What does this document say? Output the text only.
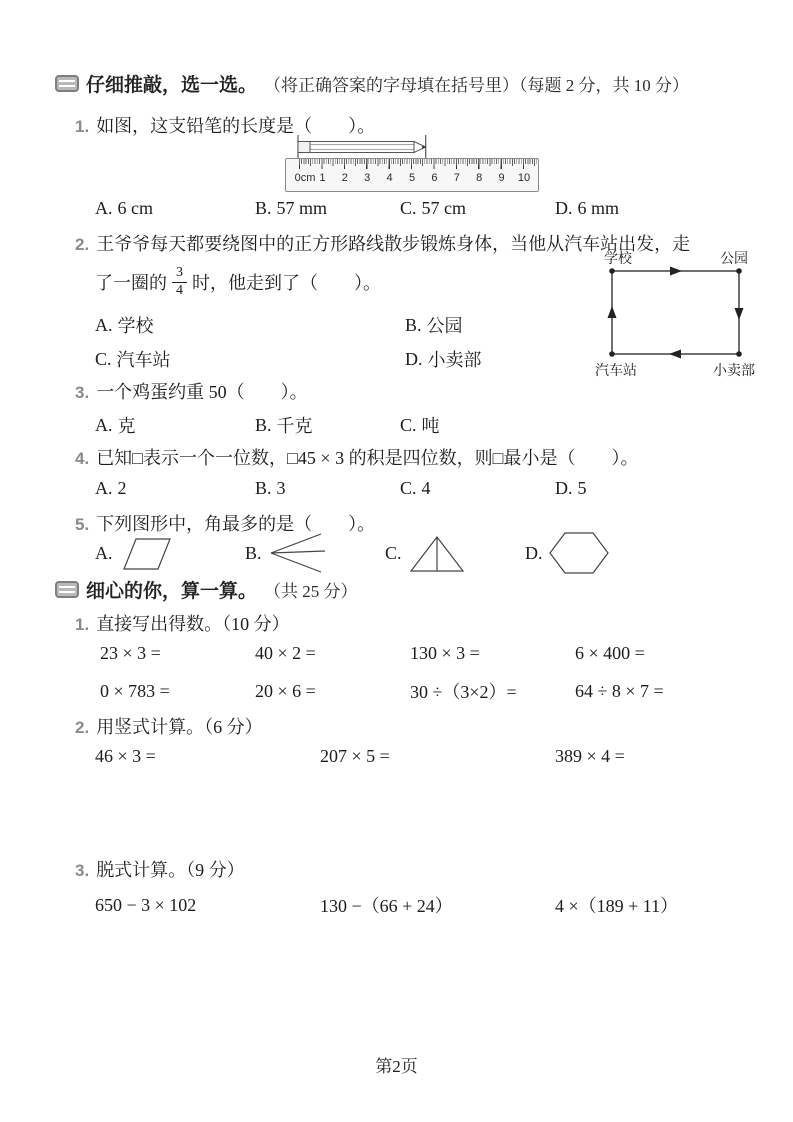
仔细推敲，选一选。 （将正确答案的字母填在括号里）（每题 2 分，共 10 分）
1. 如图，这支铅笔的长度是（　　）。
0cm 1 2 3 4 5 6 7 8 9 10
A. 6 cm	B. 57 mm	C. 57 cm	D. 6 mm
2. 王爷爷每天都要绕图中的正方形路线散步锻炼身体，当他从汽车站出发，走
了一圈的 $\frac{3}{4}$ 时，他走到了（　　）。
学校	公园
汽车站	小卖部
A. 学校	B. 公园
C. 汽车站	D. 小卖部
3. 一个鸡蛋约重 50（　　）。
A. 克	B. 千克	C. 吨
4. 已知□表示一个一位数，□45 × 3 的积是四位数，则□最小是（　　）。
A. 2	B. 3	C. 4	D. 5
5. 下列图形中，角最多的是（　　）。
A.	B.	C.	D.
细心的你，算一算。 （共 25 分）
1. 直接写出得数。（10 分）
23 × 3 =	40 × 2 =	130 × 3 =	6 × 400 =
0 × 783 =	20 × 6 =	30 ÷（3×2）=	64 ÷ 8 × 7 =
2. 用竖式计算。（6 分）
46 × 3 =	207 × 5 =	389 × 4 =
3. 脱式计算。（9 分）
650 − 3 × 102	130 −（66 + 24）	4 ×（189 + 11）
第2页
